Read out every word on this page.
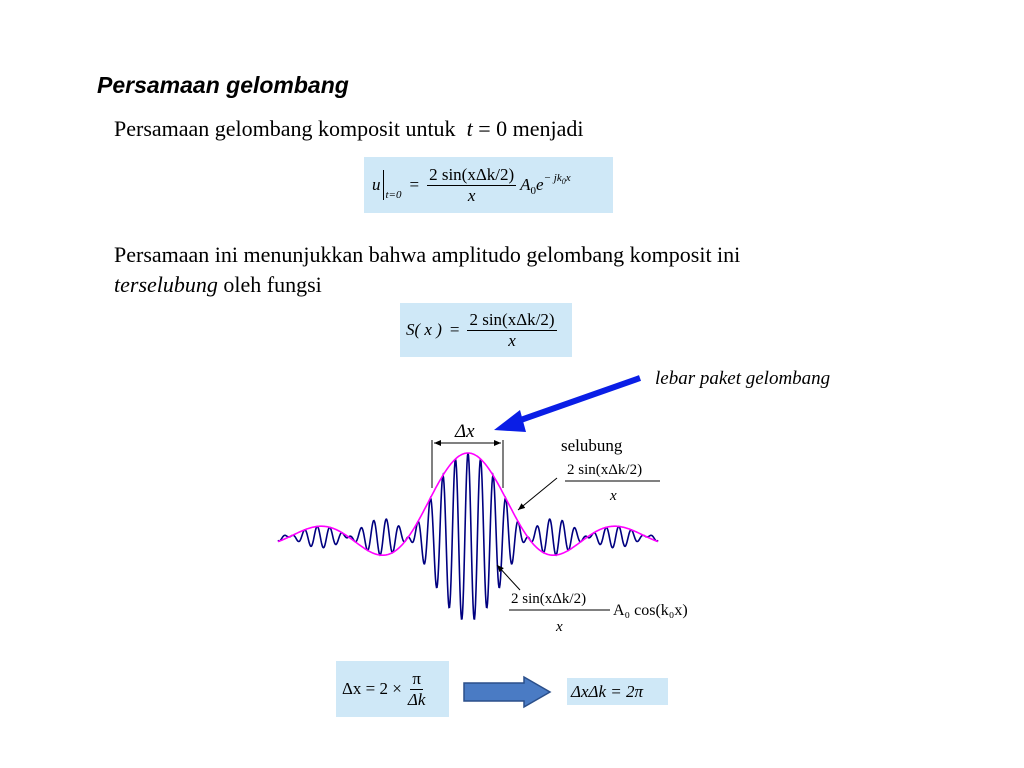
Persamaan gelombang
Persamaan gelombang komposit untuk t = 0 menjadi
u
t=0
= $\frac{\text{2 sin(xΔk/2)}}{x}$ A 0 $e - jk_0x$
Persamaan ini menunjukkan bahwa amplitudo gelombang komposit ini
terselubung oleh fungsi
S( x ) = $\frac{\text{2 sin(xΔk/2)}}{x}$
lebar paket gelombang
Δx
selubung
2 sin(xΔk/2)
x
2 sin(xΔk/2)
x
A₀ cos(k₀x)
$\Delta x = 2 \times \frac{\pi}{\Delta k}$	ΔxΔk = 2π
